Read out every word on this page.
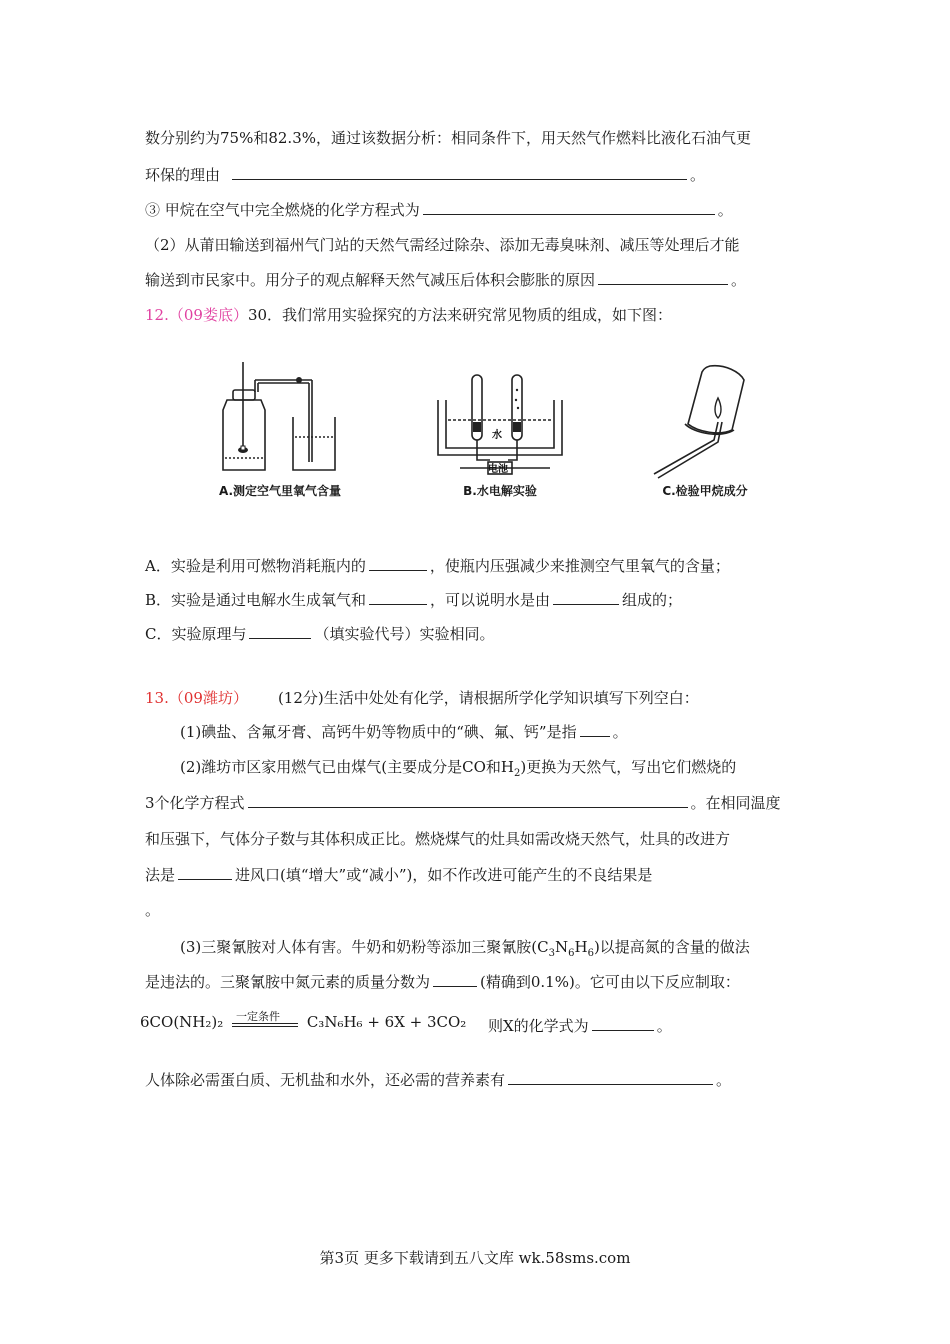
数分别约为75%和82.3%，通过该数据分析：相同条件下，用天然气作燃料比液化石油气更
环保的理由	。
③ 甲烷在空气中完全燃烧的化学方程式为	。
（2）从莆田输送到福州气门站的天然气需经过除杂、添加无毒臭味剂、减压等处理后才能
输送到市民家中。用分子的观点解释天然气减压后体积会膨胀的原因	。
12.（09娄底）30．我们常用实验探究的方法来研究常见物质的组成，如下图：
A.测定空气里氧气含量
水
电池
B.水电解实验	C.检验甲烷成分
A．实验是利用可燃物消耗瓶内的	，使瓶内压强减少来推测空气里氧气的含量；
B．实验是通过电解水生成氧气和	，可以说明水是由	组成的；
C．实验原理与	（填实验代号）实验相同。
13.（09潍坊） (12分)生活中处处有化学，请根据所学化学知识填写下列空白：
(1)碘盐、含氟牙膏、高钙牛奶等物质中的“碘、氟、钙”是指 。
(2)潍坊市区家用燃气已由煤气(主要成分是CO和$H_2$)更换为天然气，写出它们燃烧的
3个化学方程式	。在相同温度
和压强下，气体分子数与其体积成正比。燃烧煤气的灶具如需改烧天然气，灶具的改进方
法是	进风口(填“增大”或“减小”)，如不作改进可能产生的不良结果是
。
(3)三聚氰胺对人体有害。牛奶和奶粉等添加三聚氰胺$(C_3N_6H_6)$以提高氮的含量的做法
是违法的。三聚氰胺中氮元素的质量分数为	(精确到0.1%)。它可由以下反应制取：
6CO(NH₂)₂ 一定条件 C₃N₆H₆ + 6X + 3CO₂ 则X的化学式为	。
人体除必需蛋白质、无机盐和水外，还必需的营养素有	。
第3页 更多下载请到五八文库 wk.58sms.com
